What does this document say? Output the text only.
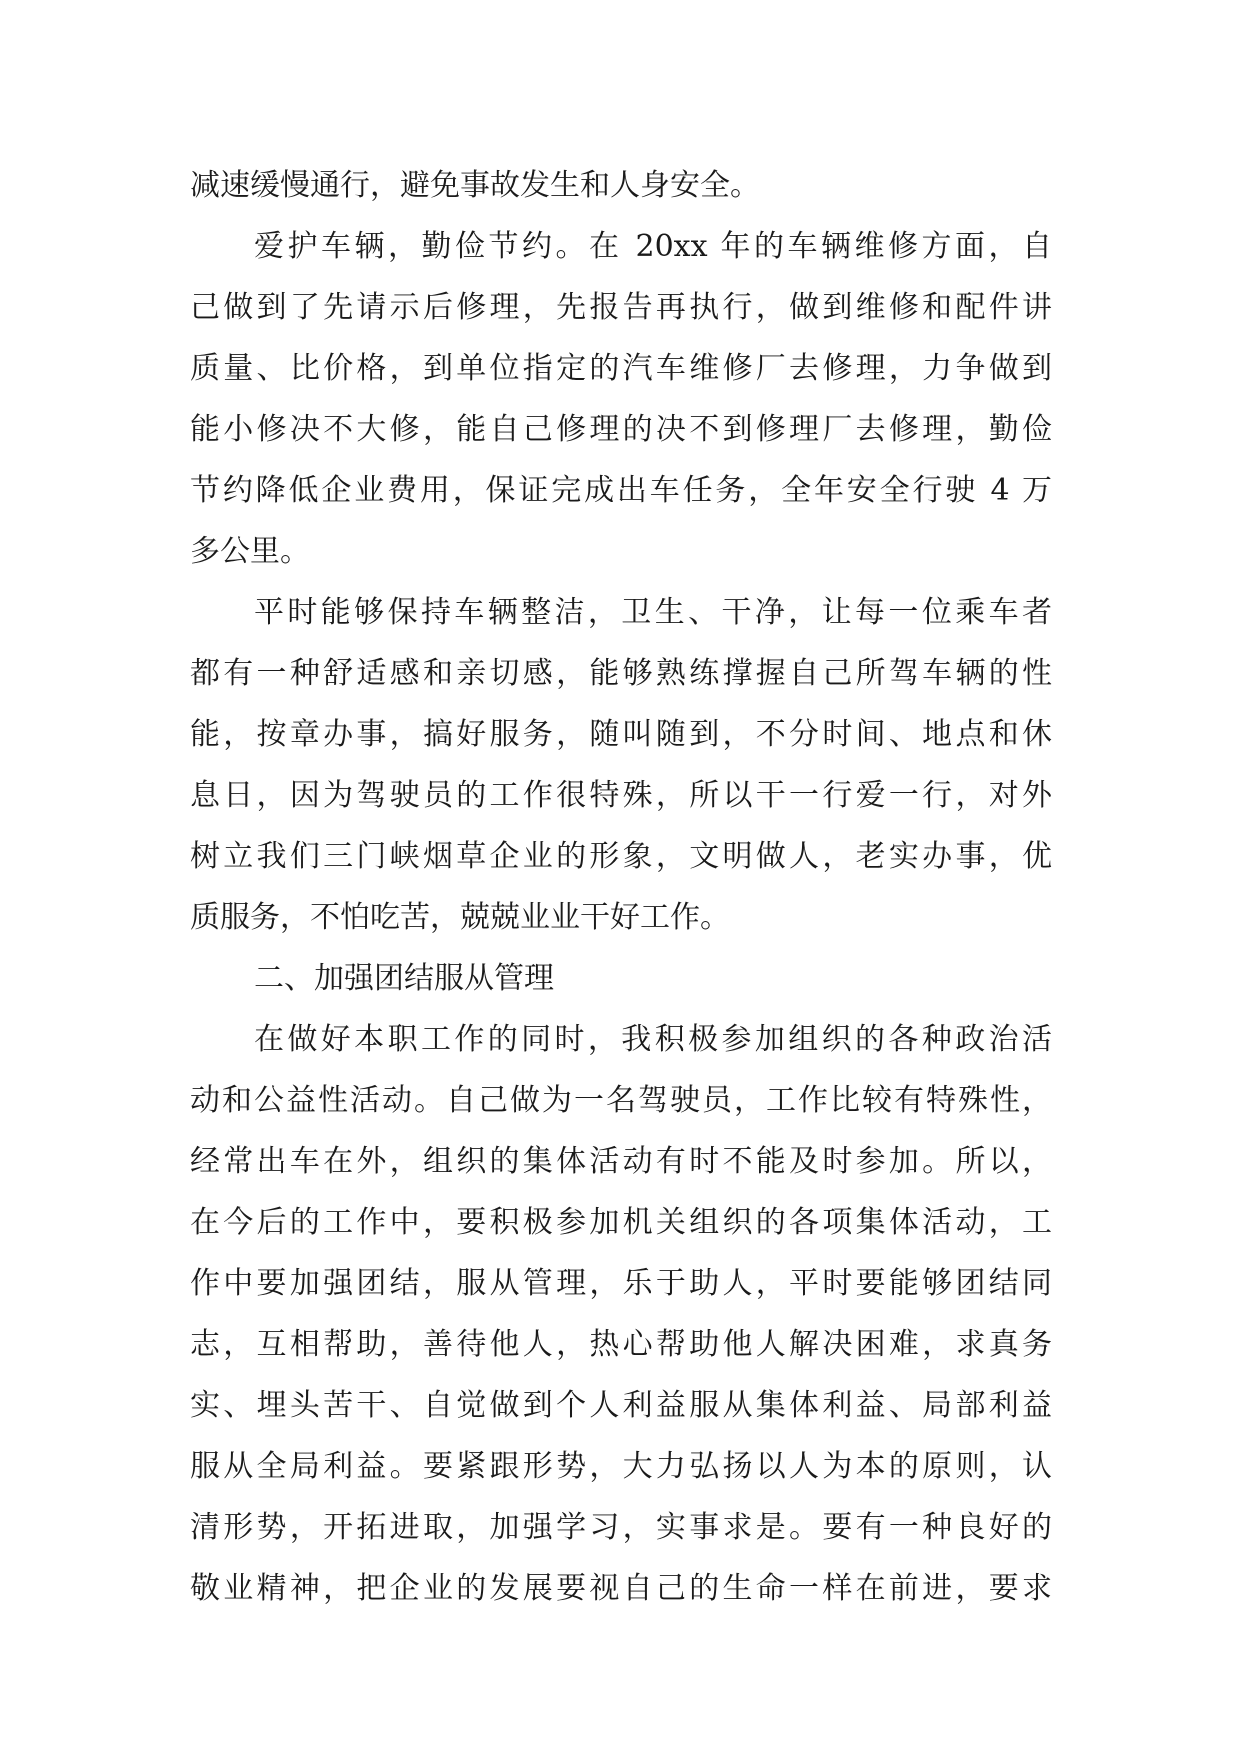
减速缓慢通行，避免事故发生和人身安全。
爱护车辆，勤俭节约。在 20xx 年的车辆维修方面，自
己做到了先请示后修理，先报告再执行，做到维修和配件讲
质量、比价格，到单位指定的汽车维修厂去修理，力争做到
能小修决不大修，能自己修理的决不到修理厂去修理，勤俭
节约降低企业费用，保证完成出车任务，全年安全行驶 4 万
多公里。
平时能够保持车辆整洁，卫生、干净，让每一位乘车者
都有一种舒适感和亲切感，能够熟练撑握自己所驾车辆的性
能，按章办事，搞好服务，随叫随到，不分时间、地点和休
息日，因为驾驶员的工作很特殊，所以干一行爱一行，对外
树立我们三门峡烟草企业的形象，文明做人，老实办事，优
质服务，不怕吃苦，兢兢业业干好工作。
二、加强团结服从管理
在做好本职工作的同时，我积极参加组织的各种政治活
动和公益性活动。自己做为一名驾驶员，工作比较有特殊性，
经常出车在外，组织的集体活动有时不能及时参加。所以，
在今后的工作中，要积极参加机关组织的各项集体活动，工
作中要加强团结，服从管理，乐于助人，平时要能够团结同
志，互相帮助，善待他人，热心帮助他人解决困难，求真务
实、埋头苦干、自觉做到个人利益服从集体利益、局部利益
服从全局利益。要紧跟形势，大力弘扬以人为本的原则，认
清形势，开拓进取，加强学习，实事求是。要有一种良好的
敬业精神，把企业的发展要视自己的生命一样在前进，要求
